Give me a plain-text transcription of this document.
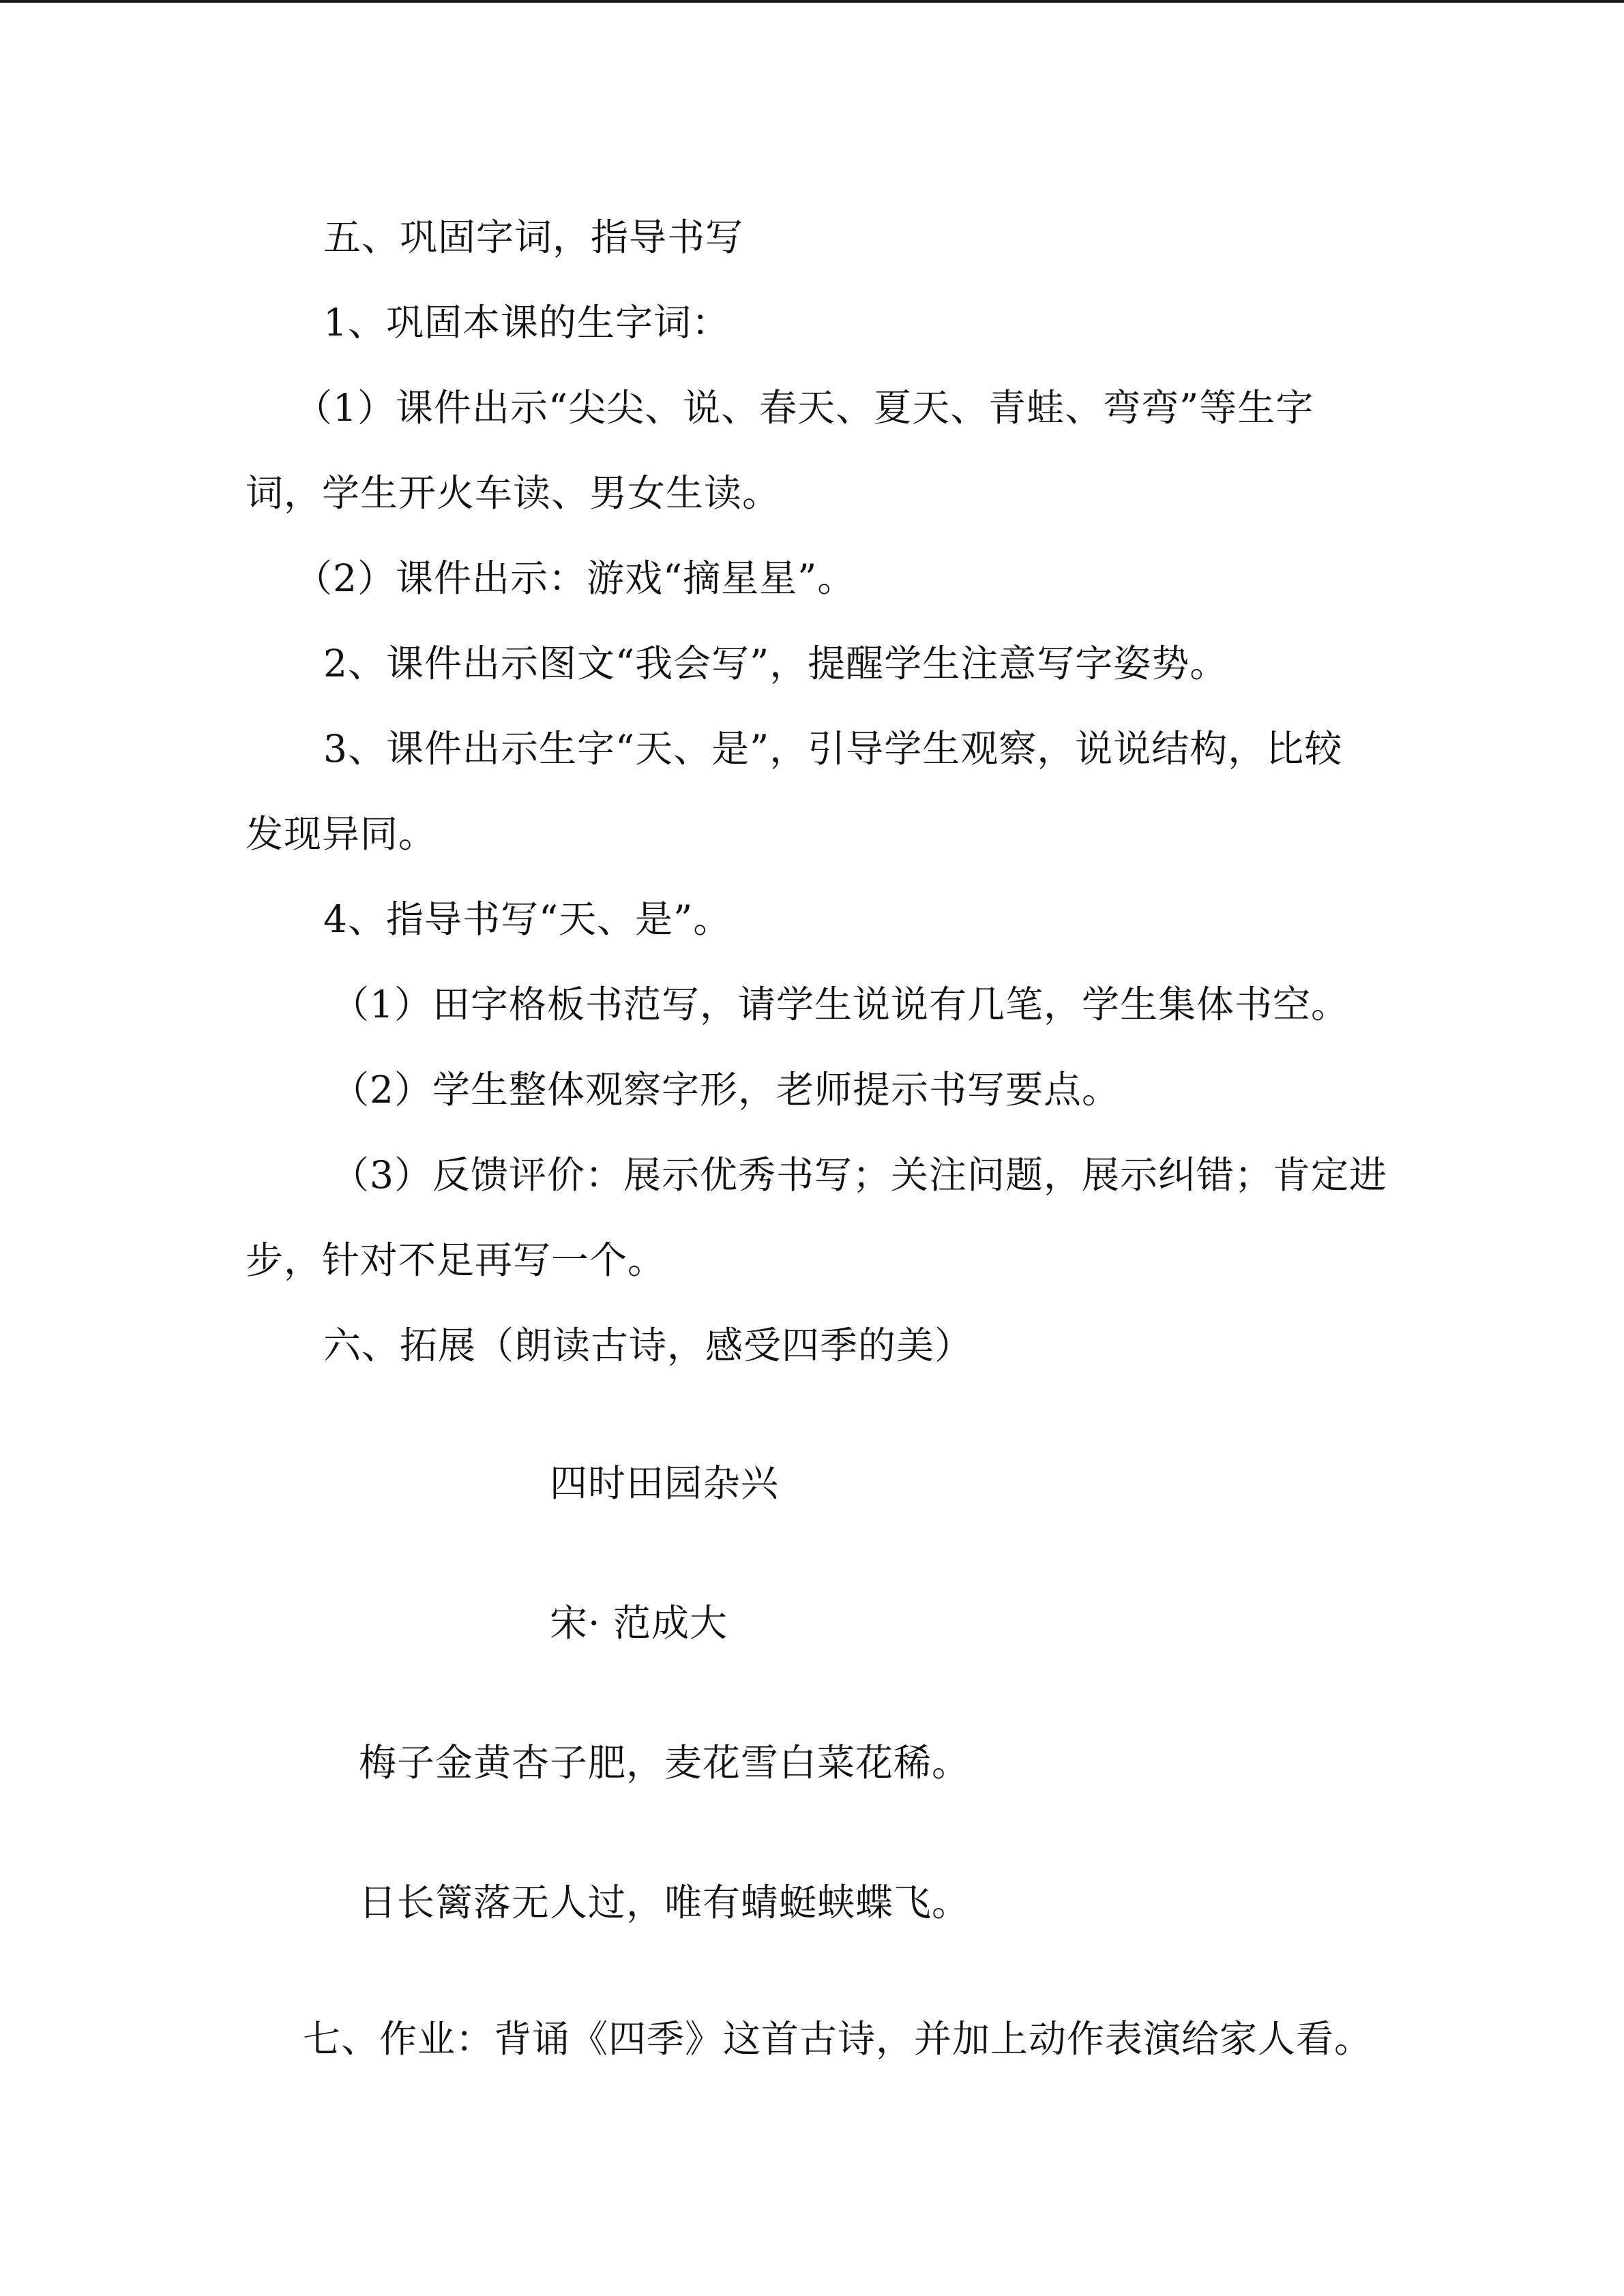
五、巩固字词，指导书写
1、巩固本课的生字词：
（1）课件出示“尖尖、说、春天、夏天、青蛙、弯弯”等生字
词，学生开火车读、男女生读。
（2）课件出示：游戏“摘星星”。
2、课件出示图文“我会写”，提醒学生注意写字姿势。
3、课件出示生字“天、是”，引导学生观察，说说结构，比较
发现异同。
4、指导书写“天、是”。
（1）田字格板书范写，请学生说说有几笔，学生集体书空。
（2）学生整体观察字形，老师提示书写要点。
（3）反馈评价：展示优秀书写；关注问题，展示纠错；肯定进
步，针对不足再写一个。
六、拓展（朗读古诗，感受四季的美）
四时田园杂兴
宋· 范成大
梅子金黄杏子肥，麦花雪白菜花稀。
日长篱落无人过，唯有蜻蜓蛱蝶飞。
七、作业：背诵《四季》这首古诗，并加上动作表演给家人看。
